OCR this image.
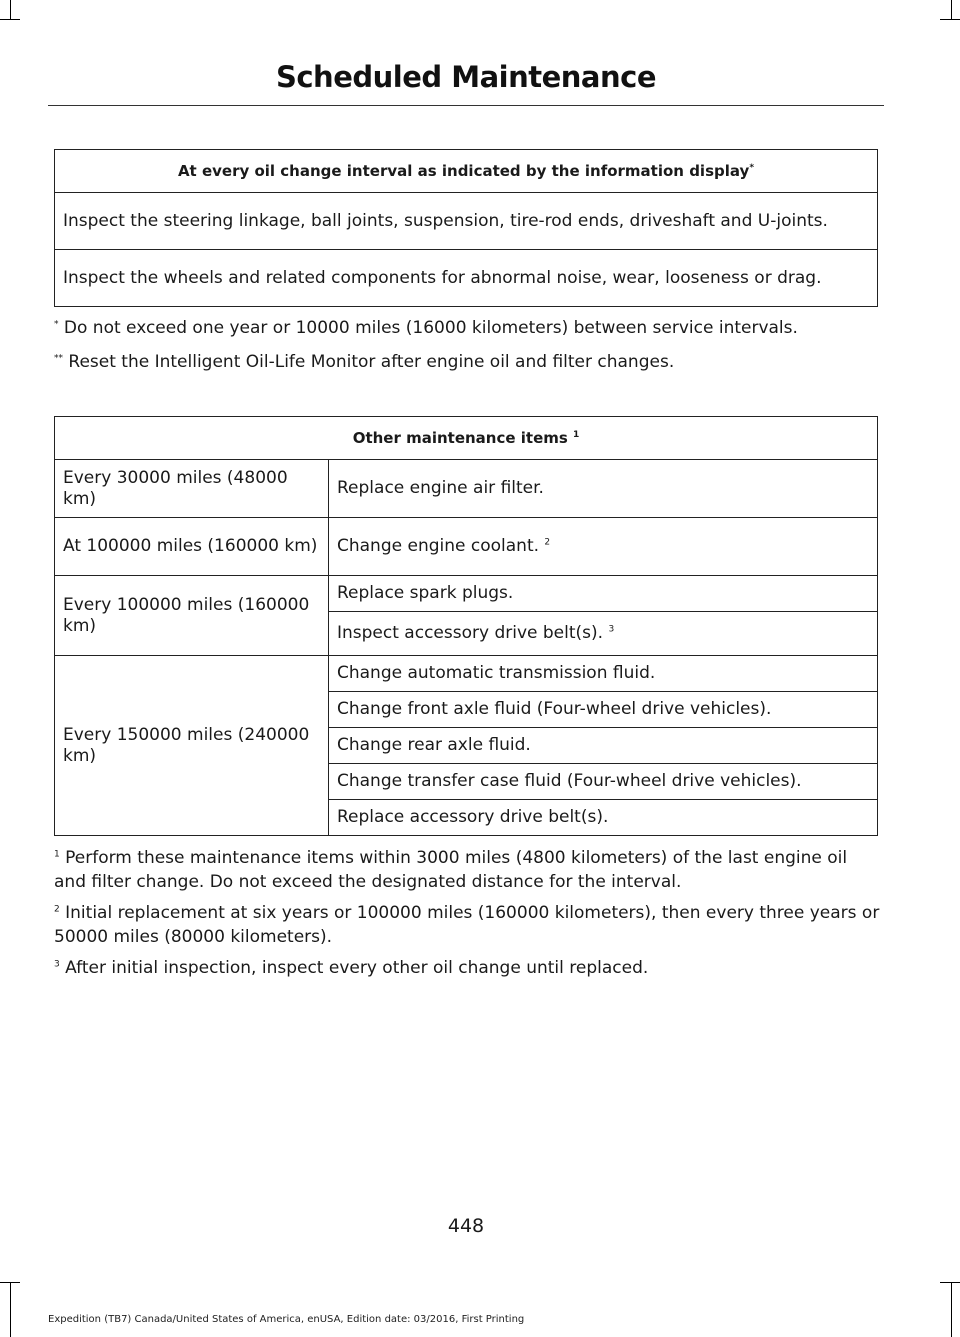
Scheduled Maintenance
At every oil change interval as indicated by the information display*
Inspect the steering linkage, ball joints, suspension, tire-rod ends, driveshaft and U-joints.
Inspect the wheels and related components for abnormal noise, wear, looseness or drag.
* Do not exceed one year or 10000 miles (16000 kilometers) between service intervals.
** Reset the Intelligent Oil-Life Monitor after engine oil and filter changes.
Other maintenance items $^1$
Every 30000 miles (48000 km)	Replace engine air filter.
At 100000 miles (160000 km)	Change engine coolant. $^2$
Every 100000 miles (160000 km)	Replace spark plugs.
	Inspect accessory drive belt(s). $^3$
Every 150000 miles (240000 km)	Change automatic transmission fluid.
	Change front axle fluid (Four-wheel drive vehicles).
	Change rear axle fluid.
	Change transfer case fluid (Four-wheel drive vehicles).
	Replace accessory drive belt(s).
$^1$ Perform these maintenance items within 3000 miles (4800 kilometers) of the last engine oil and filter change. Do not exceed the designated distance for the interval.
$^2$ Initial replacement at six years or 100000 miles (160000 kilometers), then every three years or 50000 miles (80000 kilometers).
$^3$ After initial inspection, inspect every other oil change until replaced.
448
Expedition (TB7) Canada/United States of America, enUSA, Edition date: 03/2016, First Printing
